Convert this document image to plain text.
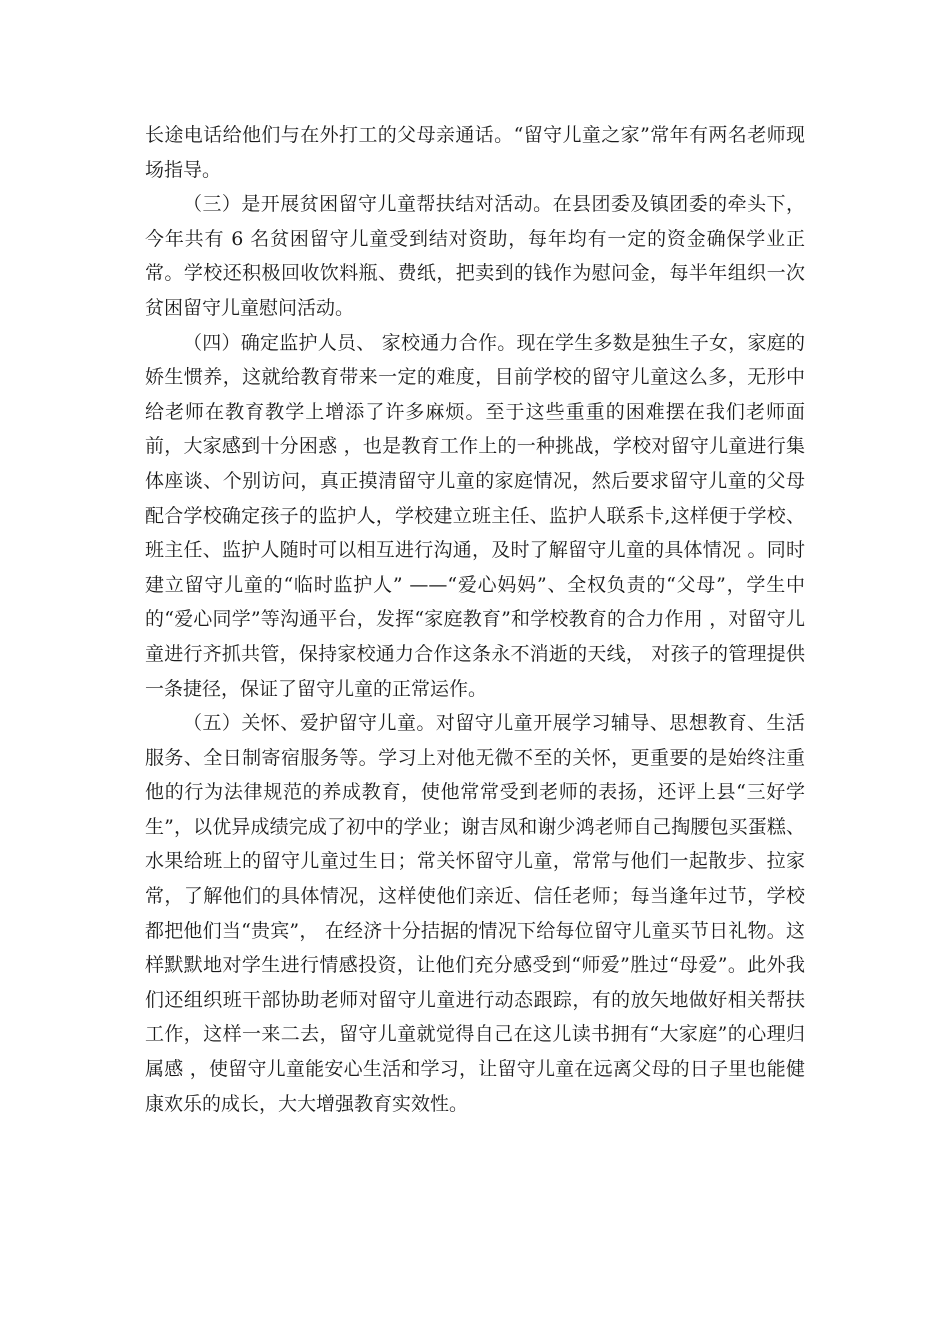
长途电话给他们与在外打工的父母亲通话。“留守儿童之家”常年有两名老师现场指导。

（三）是开展贫困留守儿童帮扶结对活动。在县团委及镇团委的牵头下，今年共有 6 名贫困留守儿童受到结对资助，每年均有一定的资金确保学业正常。学校还积极回收饮料瓶、费纸，把卖到的钱作为慰问金，每半年组织一次贫困留守儿童慰问活动。

（四）确定监护人员、 家校通力合作。现在学生多数是独生子女，家庭的娇生惯养，这就给教育带来一定的难度，目前学校的留守儿童这么多，无形中给老师在教育教学上增添了许多麻烦。至于这些重重的困难摆在我们老师面前，大家感到十分困惑 ，也是教育工作上的一种挑战，学校对留守儿童进行集体座谈、个别访问，真正摸清留守儿童的家庭情况，然后要求留守儿童的父母配合学校确定孩子的监护人，学校建立班主任、监护人联系卡,这样便于学校、班主任、监护人随时可以相互进行沟通，及时了解留守儿童的具体情况 。同时建立留守儿童的“临时监护人” ——“爱心妈妈”、全权负责的“父母”，学生中的“爱心同学”等沟通平台，发挥“家庭教育”和学校教育的合力作用 ，对留守儿童进行齐抓共管，保持家校通力合作这条永不消逝的天线， 对孩子的管理提供一条捷径，保证了留守儿童的正常运作。

（五）关怀、爱护留守儿童。对留守儿童开展学习辅导、思想教育、生活服务、全日制寄宿服务等。学习上对他无微不至的关怀，更重要的是始终注重他的行为法律规范的养成教育，使他常常受到老师的表扬，还评上县“三好学生”，以优异成绩完成了初中的学业；谢吉凤和谢少鸿老师自己掏腰包买蛋糕、水果给班上的留守儿童过生日；常关怀留守儿童，常常与他们一起散步、拉家常，了解他们的具体情况，这样使他们亲近、信任老师；每当逢年过节，学校都把他们当“贵宾”， 在经济十分拮据的情况下给每位留守儿童买节日礼物。这样默默地对学生进行情感投资，让他们充分感受到“师爱”胜过“母爱”。此外我们还组织班干部协助老师对留守儿童进行动态跟踪，有的放矢地做好相关帮扶工作，这样一来二去，留守儿童就觉得自己在这儿读书拥有“大家庭”的心理归属感 ，使留守儿童能安心生活和学习，让留守儿童在远离父母的日子里也能健康欢乐的成长，大大增强教育实效性。
